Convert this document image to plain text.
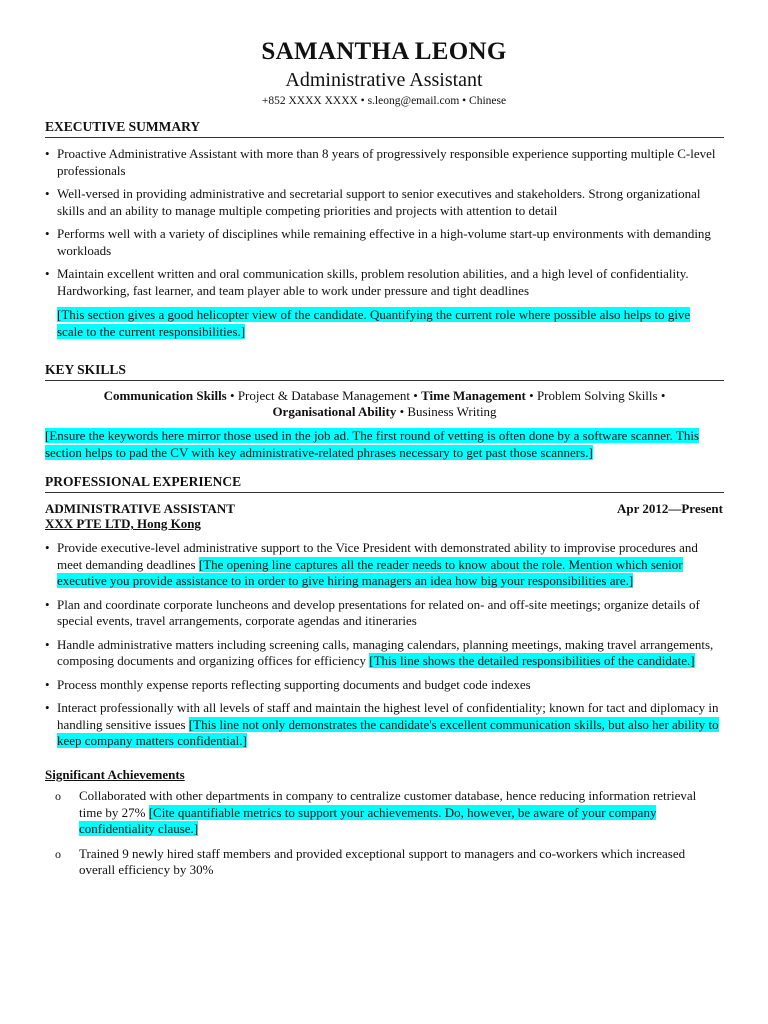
SAMANTHA LEONG
Administrative Assistant
+852 XXXX XXXX • s.leong@email.com • Chinese
EXECUTIVE SUMMARY
• Proactive Administrative Assistant with more than 8 years of progressively responsible experience supporting multiple C-level professionals
• Well-versed in providing administrative and secretarial support to senior executives and stakeholders. Strong organizational skills and an ability to manage multiple competing priorities and projects with attention to detail
• Performs well with a variety of disciplines while remaining effective in a high-volume start-up environments with demanding workloads
• Maintain excellent written and oral communication skills, problem resolution abilities, and a high level of confidentiality. Hardworking, fast learner, and team player able to work under pressure and tight deadlines
[This section gives a good helicopter view of the candidate. Quantifying the current role where possible also helps to give scale to the current responsibilities.]
KEY SKILLS
Communication Skills • Project & Database Management • Time Management • Problem Solving Skills •
Organisational Ability • Business Writing
[Ensure the keywords here mirror those used in the job ad. The first round of vetting is often done by a software scanner. This section helps to pad the CV with key administrative-related phrases necessary to get past those scanners.]
PROFESSIONAL EXPERIENCE
ADMINISTRATIVE ASSISTANT	Apr 2012—Present
XXX PTE LTD, Hong Kong
• Provide executive-level administrative support to the Vice President with demonstrated ability to improvise procedures and meet demanding deadlines [The opening line captures all the reader needs to know about the role. Mention which senior executive you provide assistance to in order to give hiring managers an idea how big your responsibilities are.]
• Plan and coordinate corporate luncheons and develop presentations for related on- and off-site meetings; organize details of special events, travel arrangements, corporate agendas and itineraries
• Handle administrative matters including screening calls, managing calendars, planning meetings, making travel arrangements, composing documents and organizing offices for efficiency [This line shows the detailed responsibilities of the candidate.]
• Process monthly expense reports reflecting supporting documents and budget code indexes
• Interact professionally with all levels of staff and maintain the highest level of confidentiality; known for tact and diplomacy in handling sensitive issues [This line not only demonstrates the candidate's excellent communication skills, but also her ability to keep company matters confidential.]
Significant Achievements
o Collaborated with other departments in company to centralize customer database, hence reducing information retrieval time by 27% [Cite quantifiable metrics to support your achievements. Do, however, be aware of your company confidentiality clause.]
o Trained 9 newly hired staff members and provided exceptional support to managers and co-workers which increased overall efficiency by 30%
